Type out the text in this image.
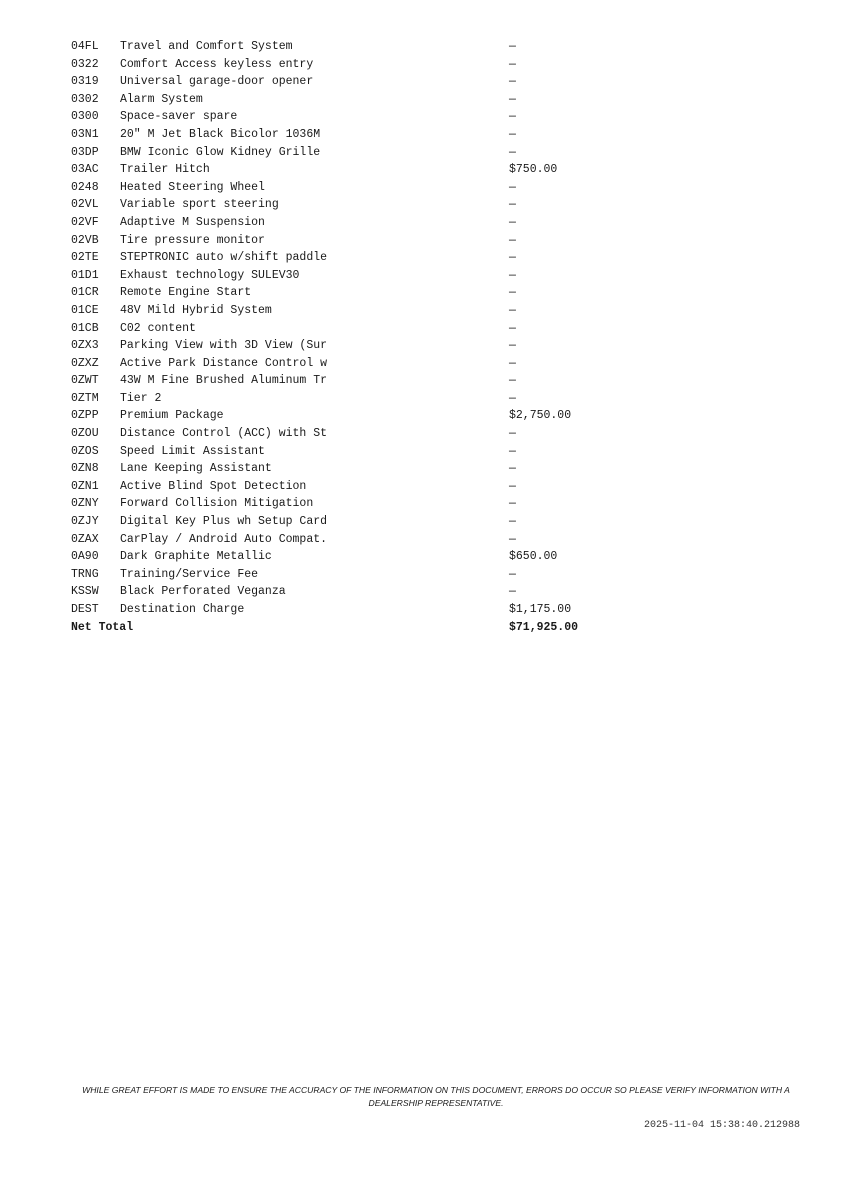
04FL Travel and Comfort System	—
0322 Comfort Access keyless entry	—
0319 Universal garage-door opener	—
0302 Alarm System	—
0300 Space-saver spare	—
03N1 20" M Jet Black Bicolor 1036M	—
03DP BMW Iconic Glow Kidney Grille	—
03AC Trailer Hitch	$750.00
0248 Heated Steering Wheel	—
02VL Variable sport steering	—
02VF Adaptive M Suspension	—
02VB Tire pressure monitor	—
02TE STEPTRONIC auto w/shift paddle	—
01D1 Exhaust technology SULEV30	—
01CR Remote Engine Start	—
01CE 48V Mild Hybrid System	—
01CB C02 content	—
0ZX3 Parking View with 3D View (Sur	—
0ZXZ Active Park Distance Control w	—
0ZWT 43W M Fine Brushed Aluminum Tr	—
0ZTM Tier 2	—
0ZPP Premium Package	$2,750.00
0ZOU Distance Control (ACC) with St	—
0ZOS Speed Limit Assistant	—
0ZN8 Lane Keeping Assistant	—
0ZN1 Active Blind Spot Detection	—
0ZNY Forward Collision Mitigation	—
0ZJY Digital Key Plus wh Setup Card	—
0ZAX CarPlay / Android Auto Compat.	—
0A90 Dark Graphite Metallic	$650.00
TRNG Training/Service Fee	—
KSSW Black Perforated Veganza	—
DEST Destination Charge	$1,175.00
Net Total	$71,925.00
WHILE GREAT EFFORT IS MADE TO ENSURE THE ACCURACY OF THE INFORMATION ON THIS DOCUMENT, ERRORS DO OCCUR SO PLEASE VERIFY INFORMATION WITH A DEALERSHIP REPRESENTATIVE.
2025-11-04 15:38:40.212988
